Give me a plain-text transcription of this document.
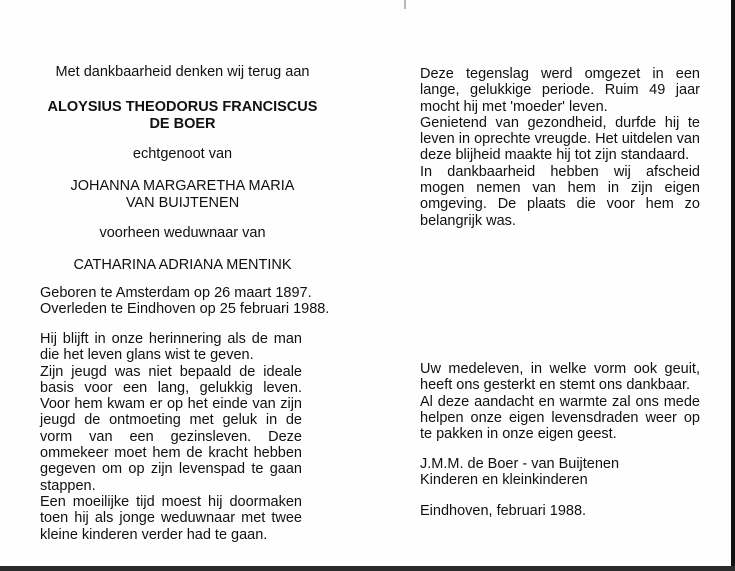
Met dankbaarheid denken wij terug aan
ALOYSIUS THEODORUS FRANCISCUS
DE BOER
echtgenoot van
JOHANNA MARGARETHA MARIA
VAN BUIJTENEN
voorheen weduwnaar van
CATHARINA ADRIANA MENTINK
Geboren te Amsterdam op 26 maart 1897.
Overleden te Eindhoven op 25 februari 1988.

Hij blijft in onze herinnering als de man die het leven glans wist te geven.

Zijn jeugd was niet bepaald de ideale basis voor een lang, gelukkig leven. Voor hem kwam er op het einde van zijn jeugd de ontmoeting met geluk in de vorm van een gezinsleven. Deze ommekeer moet hem de kracht hebben gegeven om op zijn levenspad te gaan stappen.

Een moeilijke tijd moest hij doormaken toen hij als jonge weduwnaar met twee kleine kinderen verder had te gaan.

Deze tegenslag werd omgezet in een lange, gelukkige periode. Ruim 49 jaar mocht hij met 'moeder' leven.

Genietend van gezondheid, durfde hij te leven in oprechte vreugde. Het uitdelen van deze blijheid maakte hij tot zijn standaard.

In dankbaarheid hebben wij afscheid mogen nemen van hem in zijn eigen omgeving. De plaats die voor hem zo belangrijk was.

Uw medeleven, in welke vorm ook geuit, heeft ons gesterkt en stemt ons dankbaar.

Al deze aandacht en warmte zal ons mede helpen onze eigen levensdraden weer op te pakken in onze eigen geest.

J.M.M. de Boer - van Buijtenen
Kinderen en kleinkinderen
Eindhoven, februari 1988.
